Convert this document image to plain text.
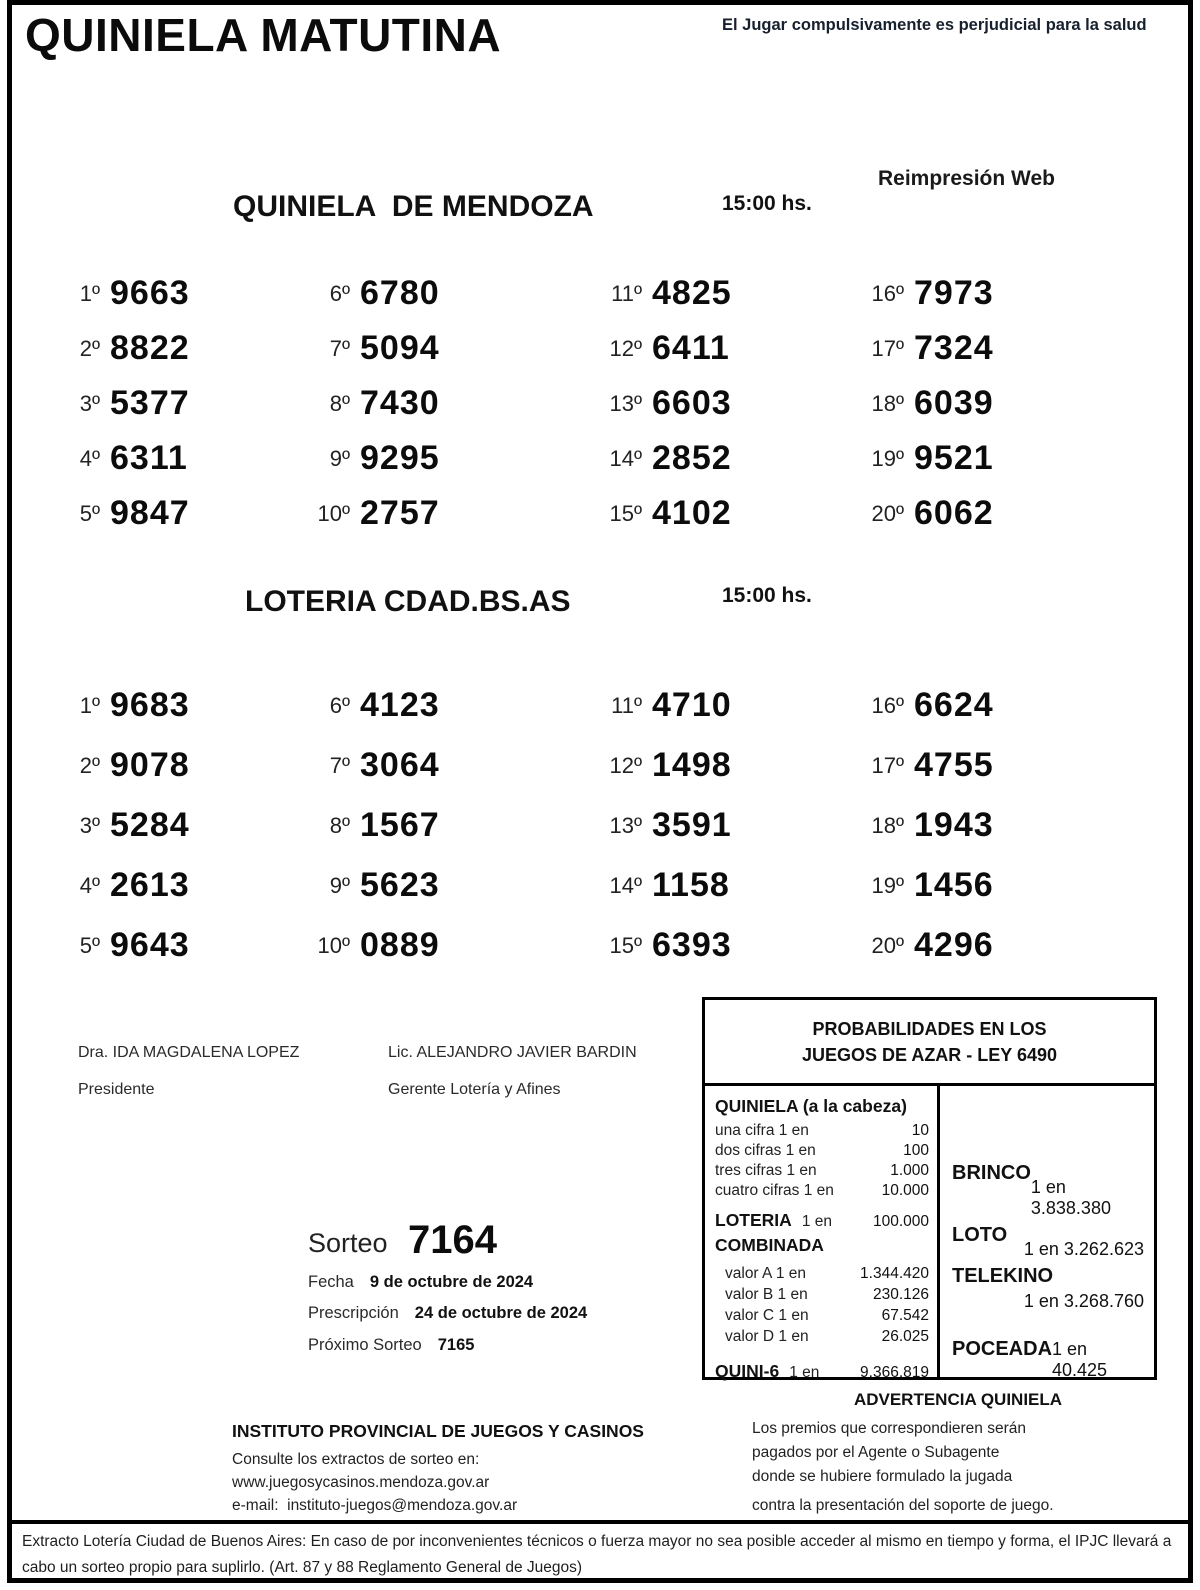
QUINIELA MATUTINA	El Jugar compulsivamente es perjudicial para la salud
Reimpresión Web
QUINIELA  DE MENDOZA	15:00 hs.
1º 9663
2º 8822
3º 5377
4º 6311
5º 9847
6º 6780
7º 5094
8º 7430
9º 9295
10º 2757
11º 4825
12º 6411
13º 6603
14º 2852
15º 4102
16º 7973
17º 7324
18º 6039
19º 9521
20º 6062
LOTERIA CDAD.BS.AS	15:00 hs.
1º 9683
2º 9078
3º 5284
4º 2613
5º 9643
6º 4123
7º 3064
8º 1567
9º 5623
10º 0889
11º 4710
12º 1498
13º 3591
14º 1158
15º 6393
16º 6624
17º 4755
18º 1943
19º 1456
20º 4296
Dra. IDA MAGDALENA LOPEZ
Presidente
Lic. ALEJANDRO JAVIER BARDIN
Gerente Lotería y Afines
Sorteo 7164
Fecha 9 de octubre de 2024
Prescripción 24 de octubre de 2024
Próximo Sorteo 7165
PROBABILIDADES EN LOS
JUEGOS DE AZAR - LEY 6490
QUINIELA (a la cabeza)
una cifra 1 en	10
dos cifras 1 en	100
tres cifras 1 en	1.000
cuatro cifras 1 en	10.000
LOTERIA 1 en	100.000
COMBINADA
valor A 1 en	1.344.420
valor B 1 en	230.126
valor C 1 en	67.542
valor D 1 en	26.025
QUINI-6 1 en	9.366.819
BRINCO
1 en 3.838.380
LOTO
1 en 3.262.623
TELEKINO
1 en 3.268.760
POCEADA 1 en 40.425
ADVERTENCIA QUINIELA
Los premios que correspondieren serán
pagados por el Agente o Subagente
donde se hubiere formulado la jugada
contra la presentación del soporte de juego.
INSTITUTO PROVINCIAL DE JUEGOS Y CASINOS
Consulte los extractos de sorteo en:
www.juegosycasinos.mendoza.gov.ar
e-mail:  instituto-juegos@mendoza.gov.ar
Extracto Lotería Ciudad de Buenos Aires: En caso de por inconvenientes técnicos o fuerza mayor no sea posible acceder al mismo en tiempo y forma, el IPJC llevará a cabo un sorteo propio para suplirlo. (Art. 87 y 88 Reglamento General de Juegos)
